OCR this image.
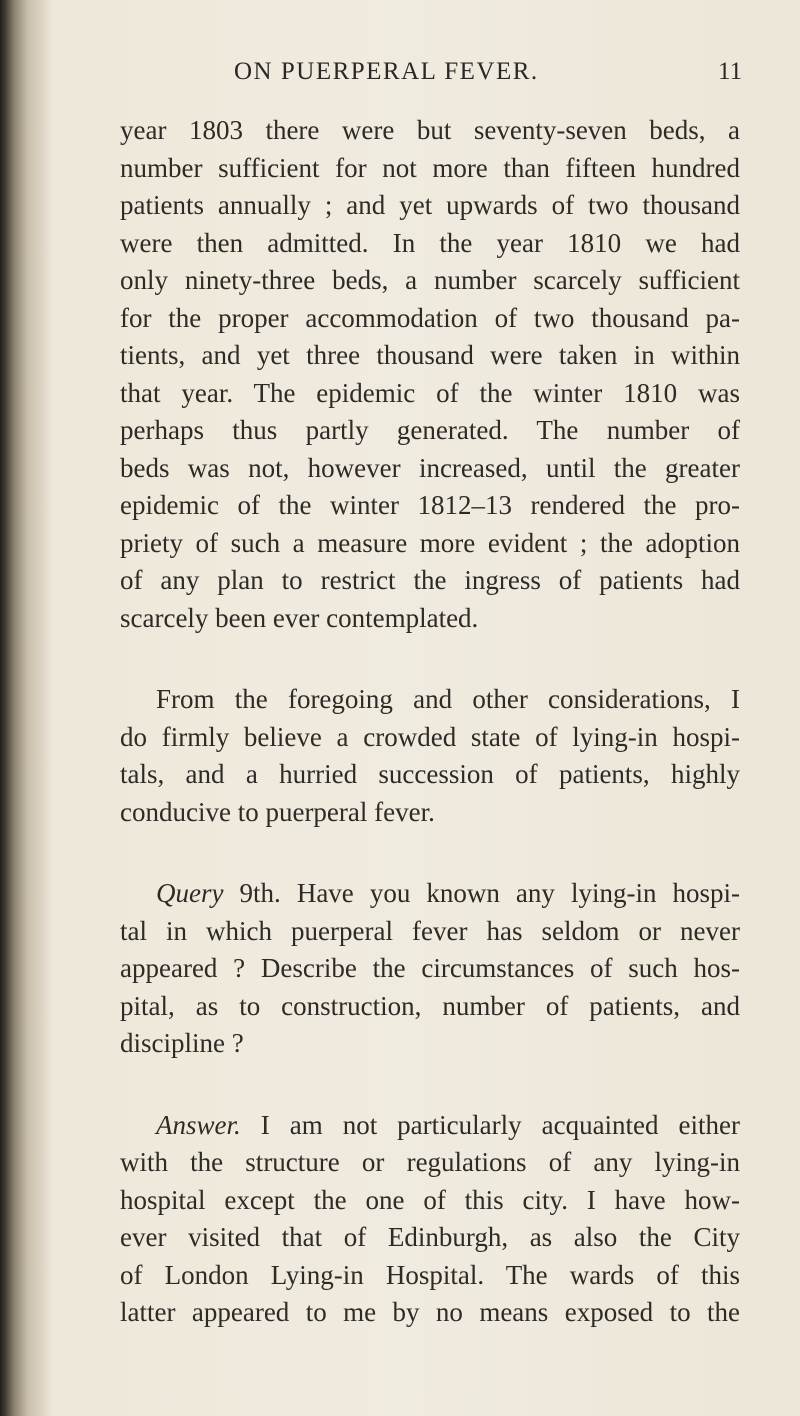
ON PUERPERAL FEVER.	11
year 1803 there were but seventy-seven beds, a
number sufficient for not more than fifteen hundred
patients annually ; and yet upwards of two thousand
were then admitted. In the year 1810 we had
only ninety-three beds, a number scarcely sufficient
for the proper accommodation of two thousand pa-
tients, and yet three thousand were taken in within
that year. The epidemic of the winter 1810 was
perhaps thus partly generated. The number of
beds was not, however increased, until the greater
epidemic of the winter 1812–13 rendered the pro-
priety of such a measure more evident ; the adoption
of any plan to restrict the ingress of patients had
scarcely been ever contemplated.
From the foregoing and other considerations, I
do firmly believe a crowded state of lying-in hospi-
tals, and a hurried succession of patients, highly
conducive to puerperal fever.
Query 9th. Have you known any lying-in hospi-
tal in which puerperal fever has seldom or never
appeared ? Describe the circumstances of such hos-
pital, as to construction, number of patients, and
discipline ?
Answer. I am not particularly acquainted either
with the structure or regulations of any lying-in
hospital except the one of this city. I have how-
ever visited that of Edinburgh, as also the City
of London Lying-in Hospital. The wards of this
latter appeared to me by no means exposed to the
